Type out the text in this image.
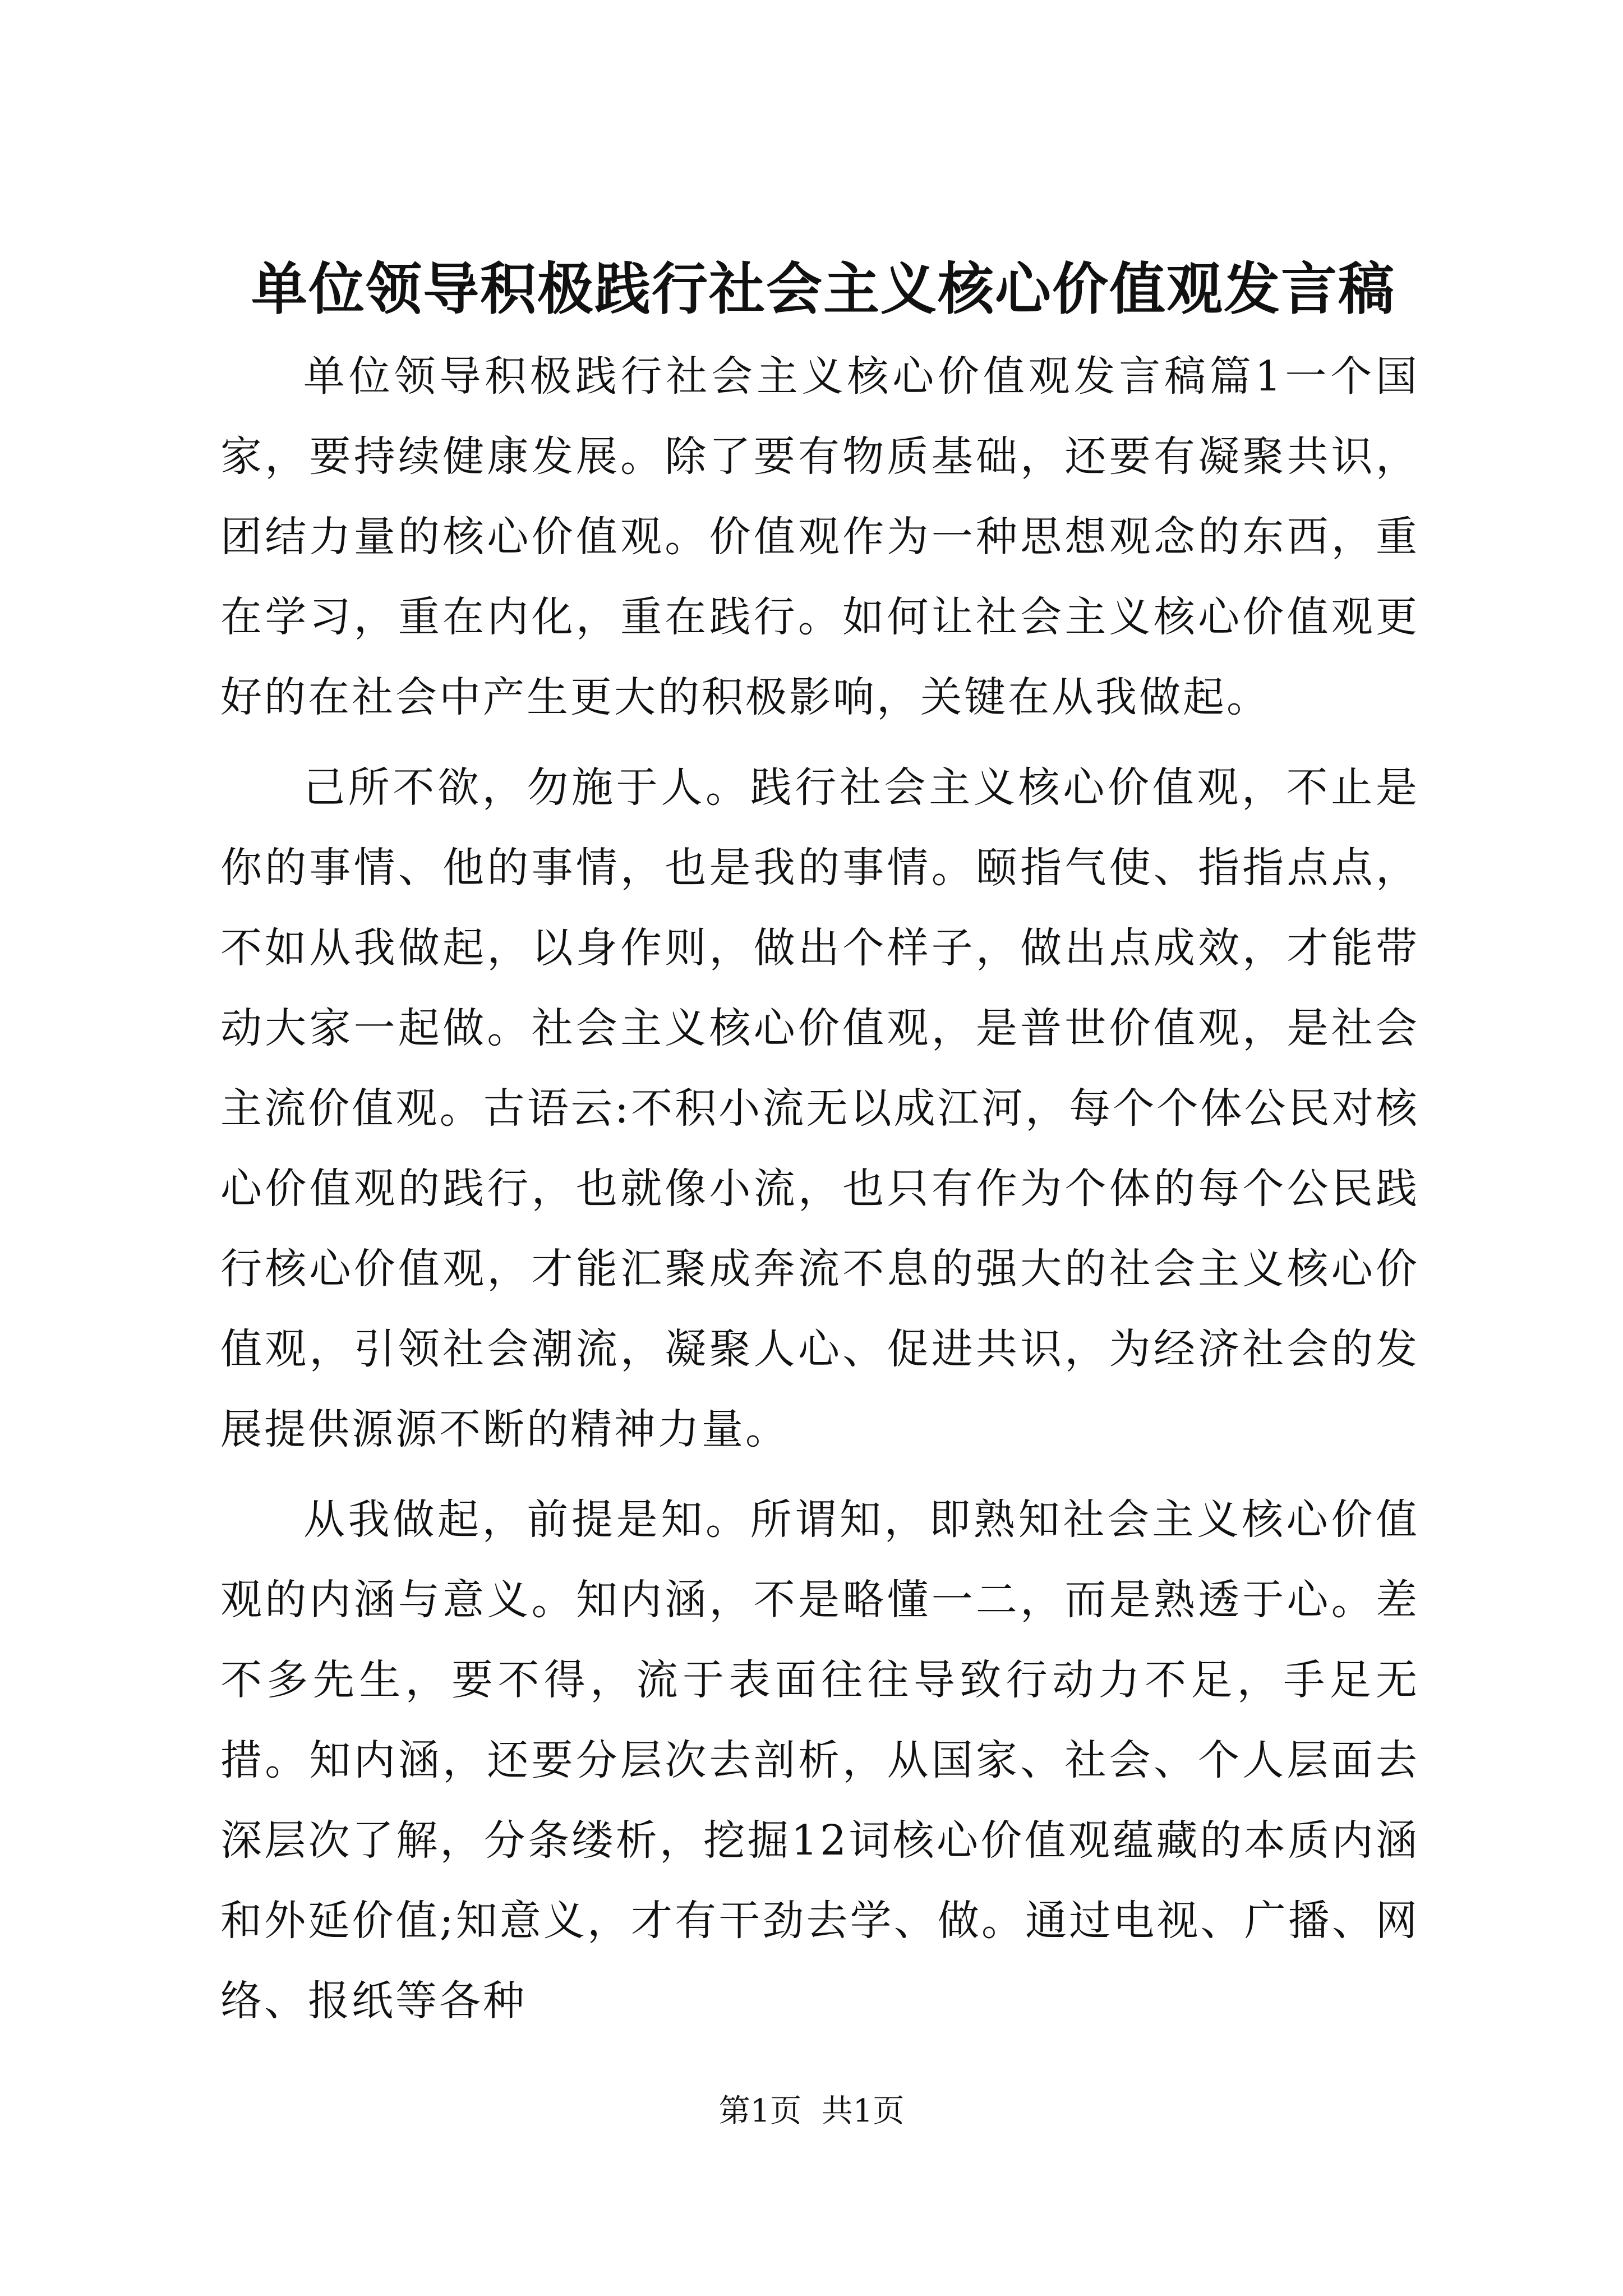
单位领导积极践行社会主义核心价值观发言稿

单位领导积极践行社会主义核心价值观发言稿篇1一个国家，要持续健康发展。除了要有物质基础，还要有凝聚共识，团结力量的核心价值观。价值观作为一种思想观念的东西，重在学习，重在内化，重在践行。如何让社会主义核心价值观更好的在社会中产生更大的积极影响，关键在从我做起。

己所不欲，勿施于人。践行社会主义核心价值观，不止是你的事情、他的事情，也是我的事情。颐指气使、指指点点，不如从我做起，以身作则，做出个样子，做出点成效，才能带动大家一起做。社会主义核心价值观，是普世价值观，是社会主流价值观。古语云:不积小流无以成江河，每个个体公民对核心价值观的践行，也就像小流，也只有作为个体的每个公民践行核心价值观，才能汇聚成奔流不息的强大的社会主义核心价值观，引领社会潮流，凝聚人心、促进共识，为经济社会的发展提供源源不断的精神力量。

从我做起，前提是知。所谓知，即熟知社会主义核心价值观的内涵与意义。知内涵，不是略懂一二，而是熟透于心。差不多先生，要不得，流于表面往往导致行动力不足，手足无措。知内涵，还要分层次去剖析，从国家、社会、个人层面去深层次了解，分条缕析，挖掘12词核心价值观蕴藏的本质内涵和外延价值;知意义，才有干劲去学、做。通过电视、广播、网络、报纸等各种

第1页  共1页
